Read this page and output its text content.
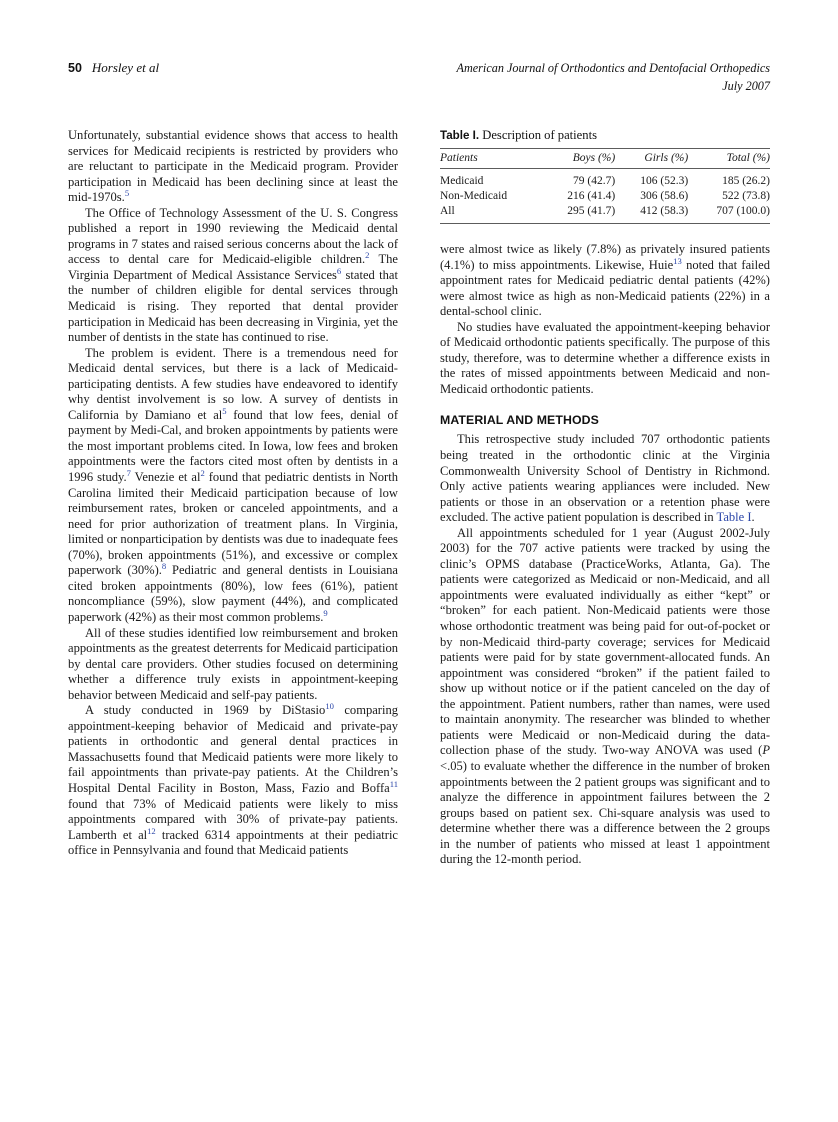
50 Horsley et al	American Journal of Orthodontics and Dentofacial Orthopedics
July 2007

Unfortunately, substantial evidence shows that access to health services for Medicaid recipients is restricted by providers who are reluctant to participate in the Medicaid program. Provider participation in Medicaid has been declining since at least the mid-1970s.$^5$

The Office of Technology Assessment of the U. S. Congress published a report in 1990 reviewing the Medicaid dental programs in 7 states and raised serious concerns about the lack of access to dental care for Medicaid-eligible children.$^2$ The Virginia Department of Medical Assistance Services$^6$ stated that the number of children eligible for dental services through Medicaid is rising. They reported that dental provider participation in Medicaid has been decreasing in Virginia, yet the number of dentists in the state has continued to rise.

The problem is evident. There is a tremendous need for Medicaid dental services, but there is a lack of Medicaid-participating dentists. A few studies have endeavored to identify why dentist involvement is so low. A survey of dentists in California by Damiano et al$^5$ found that low fees, denial of payment by Medi-Cal, and broken appointments by patients were the most important problems cited. In Iowa, low fees and broken appointments were the factors cited most often by dentists in a 1996 study.$^7$ Venezie et al$^2$ found that pediatric dentists in North Carolina limited their Medicaid participation because of low reimbursement rates, broken or canceled appointments, and a need for prior authorization of treatment plans. In Virginia, limited or nonparticipation by dentists was due to inadequate fees (70%), broken appointments (51%), and excessive or complex paperwork (30%).$^8$ Pediatric and general dentists in Louisiana cited broken appointments (80%), low fees (61%), patient noncompliance (59%), slow payment (44%), and complicated paperwork (42%) as their most common problems.$^9$

All of these studies identified low reimbursement and broken appointments as the greatest deterrents for Medicaid participation by dental care providers. Other studies focused on determining whether a difference truly exists in appointment-keeping behavior between Medicaid and self-pay patients.

A study conducted in 1969 by DiStasio$^{10}$ comparing appointment-keeping behavior of Medicaid and private-pay patients in orthodontic and general dental practices in Massachusetts found that Medicaid patients were more likely to fail appointments than private-pay patients. At the Children’s Hospital Dental Facility in Boston, Mass, Fazio and Boffa$^{11}$ found that 73% of Medicaid patients were likely to miss appointments compared with 30% of private-pay patients. Lamberth et al$^{12}$ tracked 6314 appointments at their pediatric office in Pennsylvania and found that Medicaid patients

Table I. Description of patients
Patients	Boys (%)	Girls (%)	Total (%)
Medicaid	79 (42.7)	106 (52.3)	185 (26.2)
Non-Medicaid	216 (41.4)	306 (58.6)	522 (73.8)
All	295 (41.7)	412 (58.3)	707 (100.0)

were almost twice as likely (7.8%) as privately insured patients (4.1%) to miss appointments. Likewise, Huie$^{13}$ noted that failed appointment rates for Medicaid pediatric dental patients (42%) were almost twice as high as non-Medicaid patients (22%) in a dental-school clinic.

No studies have evaluated the appointment-keeping behavior of Medicaid orthodontic patients specifically. The purpose of this study, therefore, was to determine whether a difference exists in the rates of missed appointments between Medicaid and non-Medicaid orthodontic patients.

MATERIAL AND METHODS

This retrospective study included 707 orthodontic patients being treated in the orthodontic clinic at the Virginia Commonwealth University School of Dentistry in Richmond. Only active patients wearing appliances were included. New patients or those in an observation or a retention phase were excluded. The active patient population is described in Table I.

All appointments scheduled for 1 year (August 2002-July 2003) for the 707 active patients were tracked by using the clinic’s OPMS database (PracticeWorks, Atlanta, Ga). The patients were categorized as Medicaid or non-Medicaid, and all appointments were evaluated individually as either “kept” or “broken” for each patient. Non-Medicaid patients were those whose orthodontic treatment was being paid for out-of-pocket or by non-Medicaid third-party coverage; services for Medicaid patients were paid for by state government-allocated funds. An appointment was considered “broken” if the patient failed to show up without notice or if the patient canceled on the day of the appointment. Patient numbers, rather than names, were used to maintain anonymity. The researcher was blinded to whether patients were Medicaid or non-Medicaid during the data-collection phase of the study. Two-way ANOVA was used (P <.05) to evaluate whether the difference in the number of broken appointments between the 2 patient groups was significant and to analyze the difference in appointment failures between the 2 groups based on patient sex. Chi-square analysis was used to determine whether there was a difference between the 2 groups in the number of patients who missed at least 1 appointment during the 12-month period.
